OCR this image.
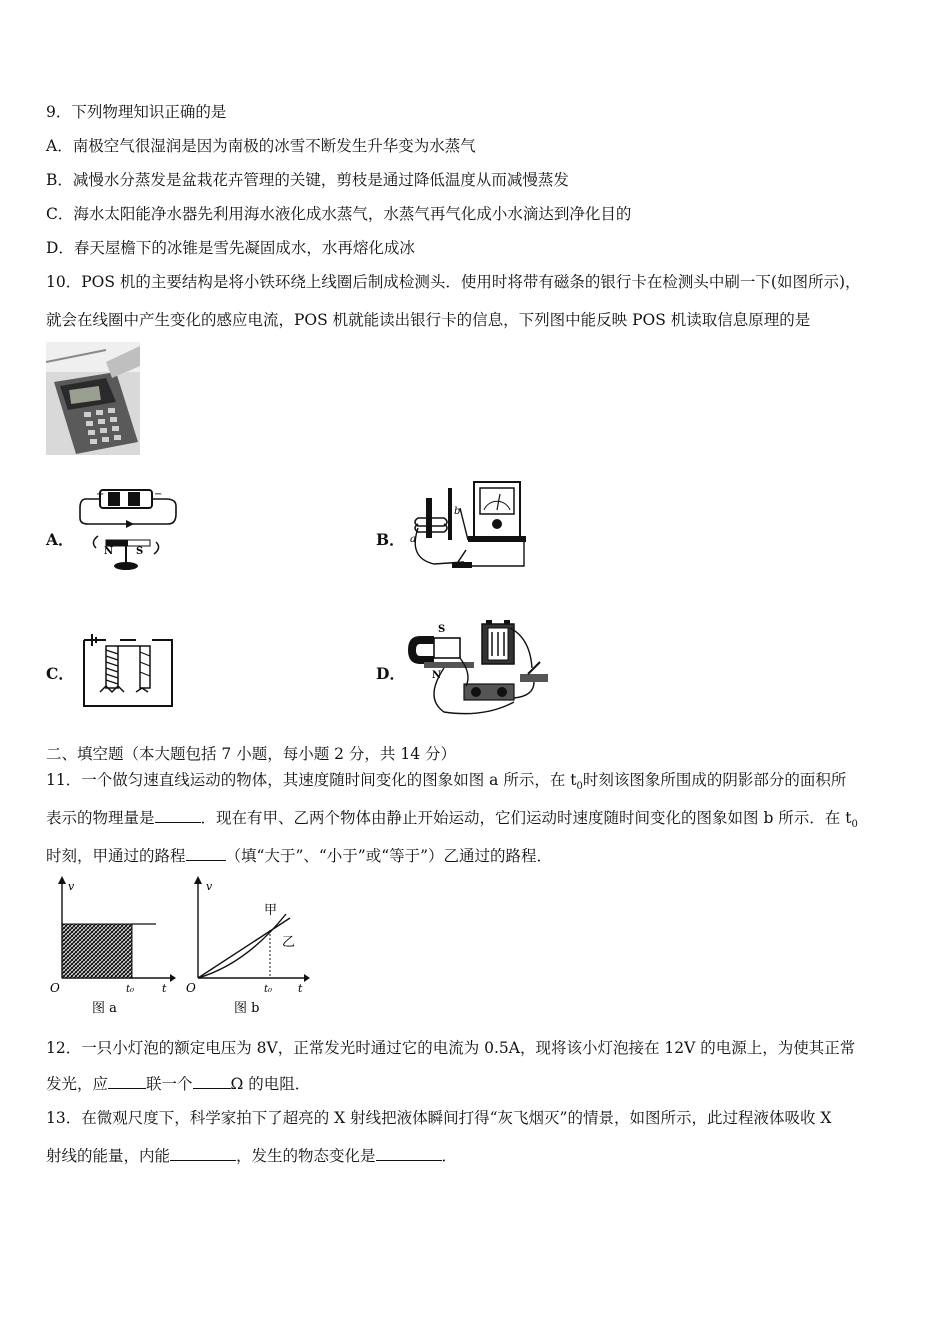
9．下列物理知识正确的是
A．南极空气很湿润是因为南极的冰雪不断发生升华变为水蒸气
B．减慢水分蒸发是盆栽花卉管理的关键，剪枝是通过降低温度从而减慢蒸发
C．海水太阳能净水器先利用海水液化成水蒸气，水蒸气再气化成小水滴达到净化目的
D．春天屋檐下的冰锥是雪先凝固成水，水再熔化成冰
10．POS 机的主要结构是将小铁环绕上线圈后制成检测头．使用时将带有磁条的银行卡在检测头中刷一下(如图所示)，
就会在线圈中产生变化的感应电流，POS 机就能读出银行卡的信息，下列图中能反映 POS 机读取信息原理的是
A．
+	−
N S
B．
b
a
C．	D．
S
N
二、填空题（本大题包括 7 小题，每小题 2 分，共 14 分）
11．一个做匀速直线运动的物体，其速度随时间变化的图象如图 a 所示，在 $t_0$时刻该图象所围成的阴影部分的面积所
表示的物理量是	．现在有甲、乙两个物体由静止开始运动，它们运动时速度随时间变化的图象如图 b 所示．在 $t_0$
时刻，甲通过的路程	（填“大于”、“小于”或“等于”）乙通过的路程．
v
O	t₀	t
图 a
v
O	t₀ t
甲
乙
图 b
12．一只小灯泡的额定电压为 8V，正常发光时通过它的电流为 0.5A，现将该小灯泡接在 12V 的电源上，为使其正常
发光，应 联一个 Ω 的电阻．
13．在微观尺度下，科学家拍下了超亮的 X 射线把液体瞬间打得“灰飞烟灭”的情景，如图所示，此过程液体吸收 X
射线的能量，内能	，发生的物态变化是	．
